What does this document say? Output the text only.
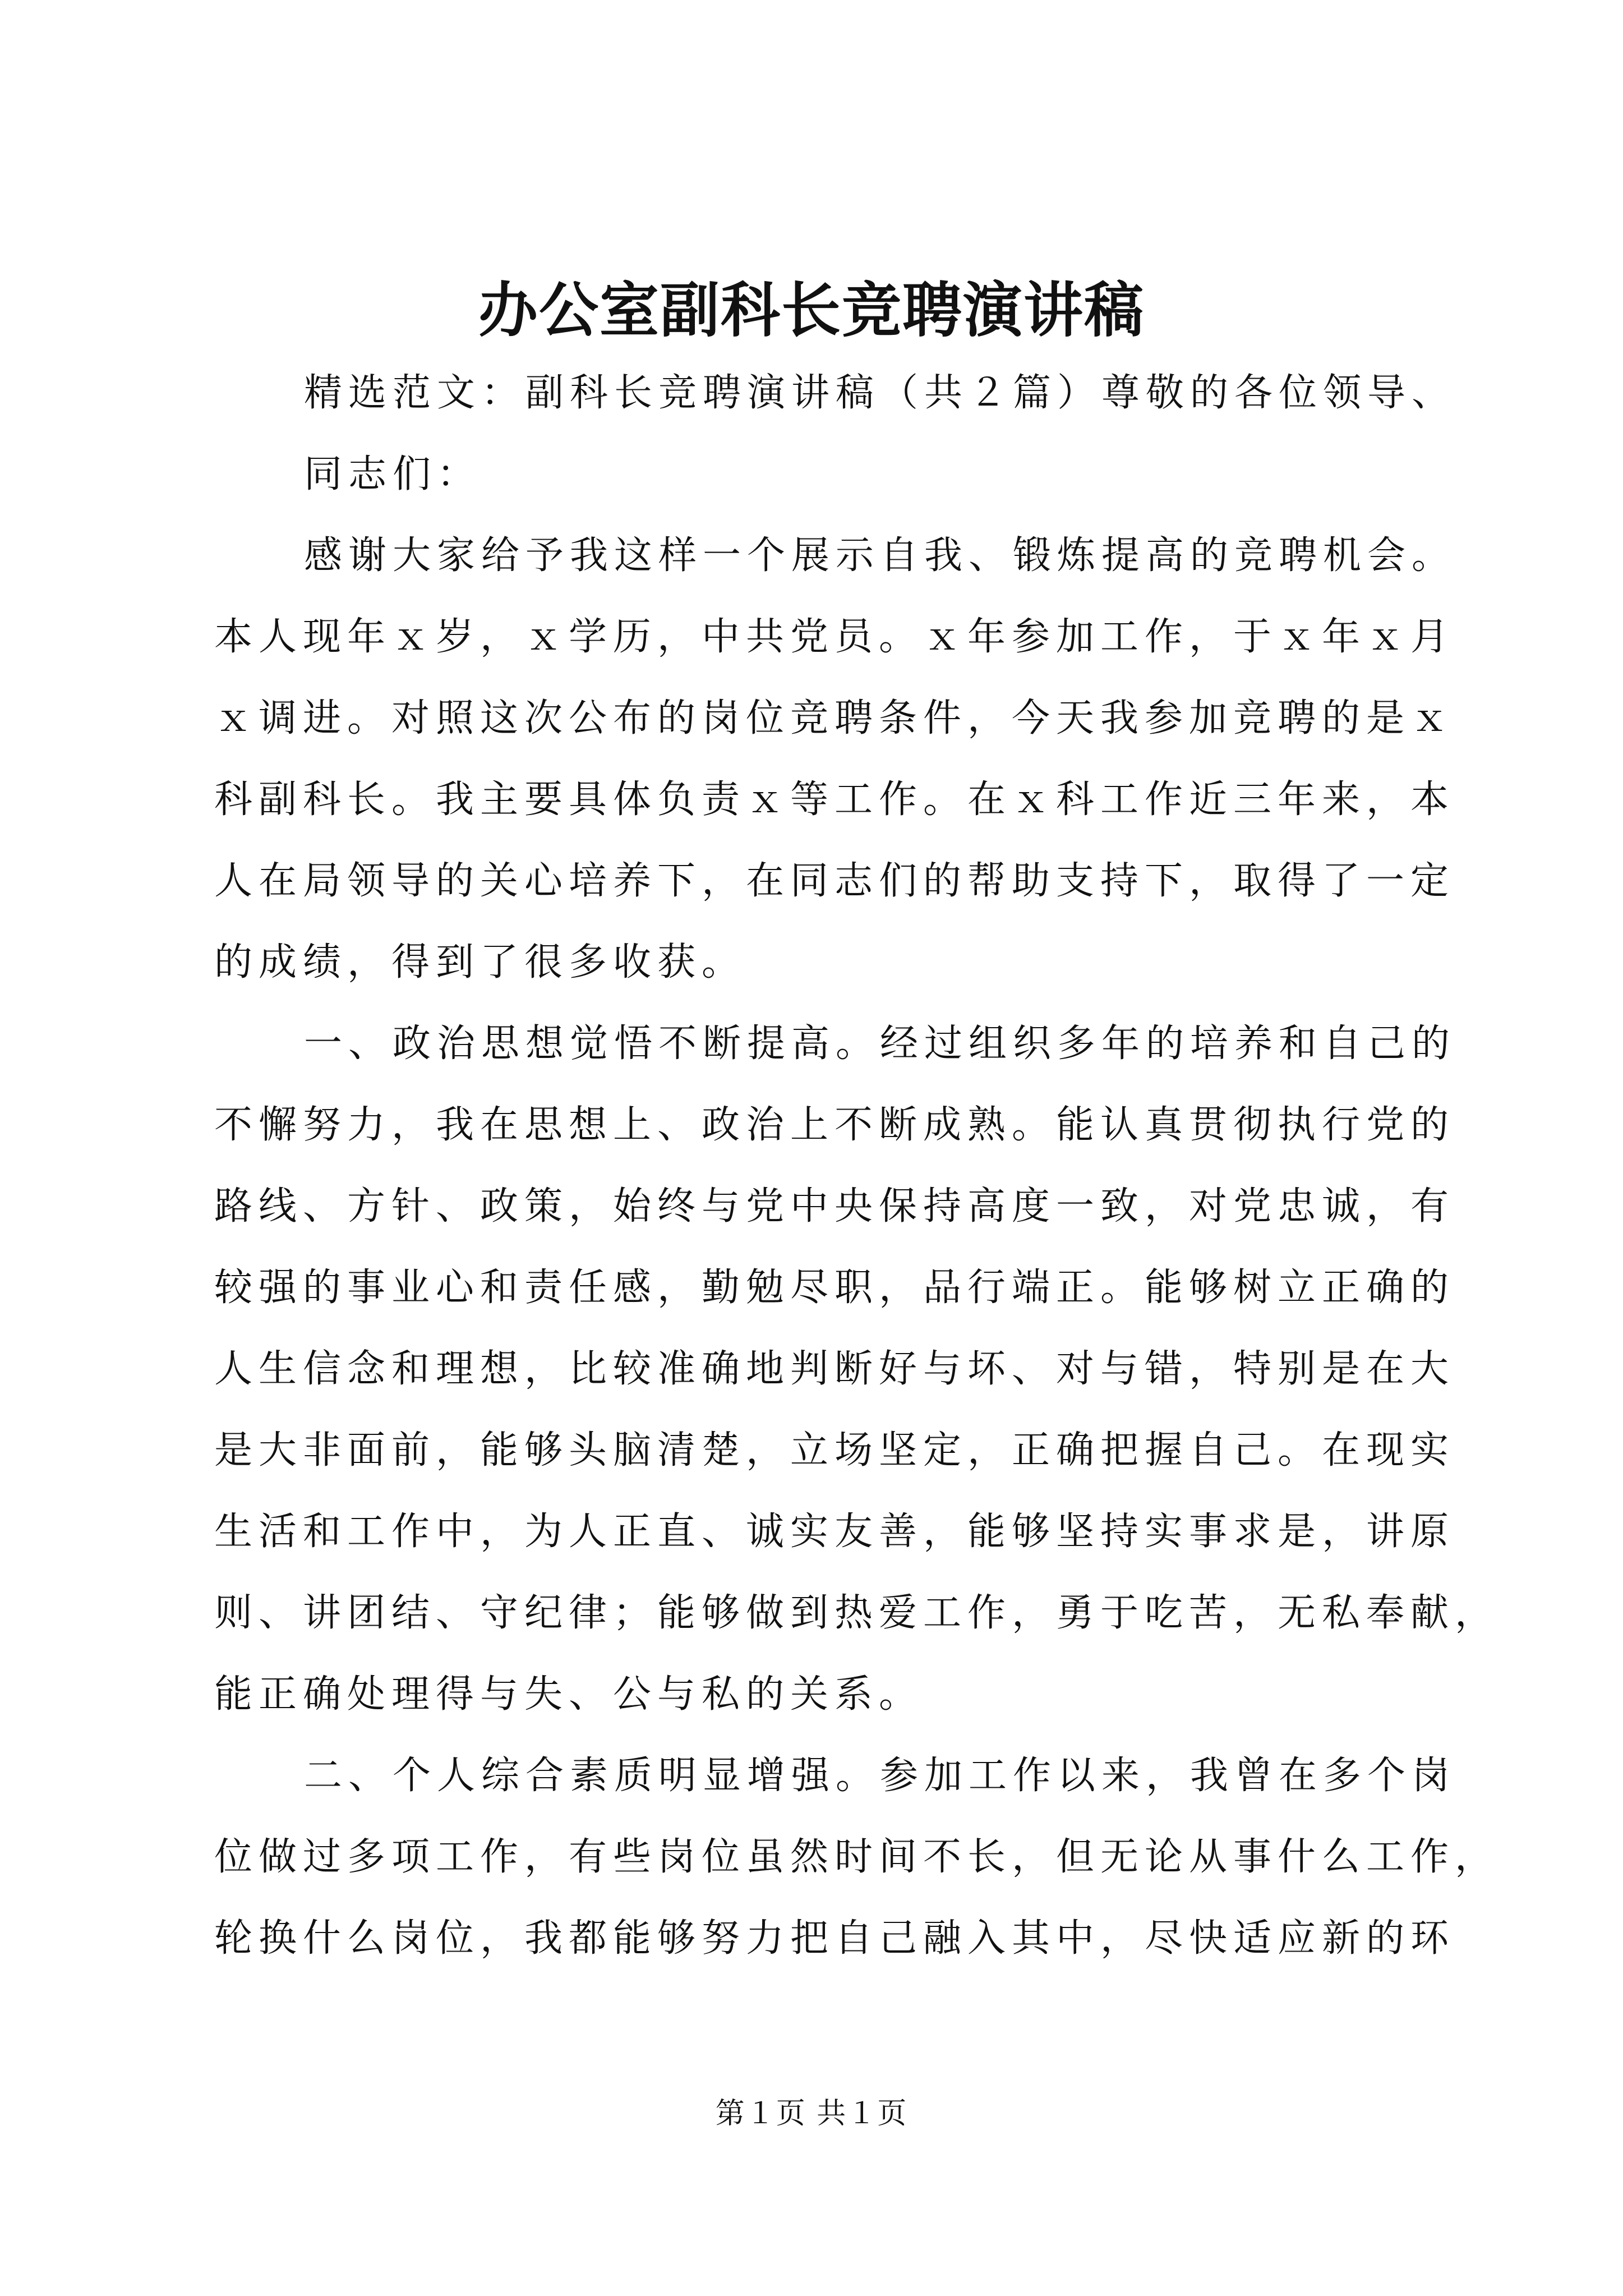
办公室副科长竞聘演讲稿
精选范文：副科长竞聘演讲稿（共２篇）尊敬的各位领导、
同志们：
感谢大家给予我这样一个展示自我、锻炼提高的竞聘机会。
本人现年ｘ岁，ｘ学历，中共党员。ｘ年参加工作，于ｘ年ｘ月
ｘ调进。对照这次公布的岗位竞聘条件，今天我参加竞聘的是ｘ
科副科长。我主要具体负责ｘ等工作。在ｘ科工作近三年来，本
人在局领导的关心培养下，在同志们的帮助支持下，取得了一定
的成绩，得到了很多收获。
一、政治思想觉悟不断提高。经过组织多年的培养和自己的
不懈努力，我在思想上、政治上不断成熟。能认真贯彻执行党的
路线、方针、政策，始终与党中央保持高度一致，对党忠诚，有
较强的事业心和责任感，勤勉尽职，品行端正。能够树立正确的
人生信念和理想，比较准确地判断好与坏、对与错，特别是在大
是大非面前，能够头脑清楚，立场坚定，正确把握自己。在现实
生活和工作中，为人正直、诚实友善，能够坚持实事求是，讲原
则、讲团结、守纪律；能够做到热爱工作，勇于吃苦，无私奉献，
能正确处理得与失、公与私的关系。
二、个人综合素质明显增强。参加工作以来，我曾在多个岗
位做过多项工作，有些岗位虽然时间不长，但无论从事什么工作，
轮换什么岗位，我都能够努力把自己融入其中，尽快适应新的环
第１页 共１页
